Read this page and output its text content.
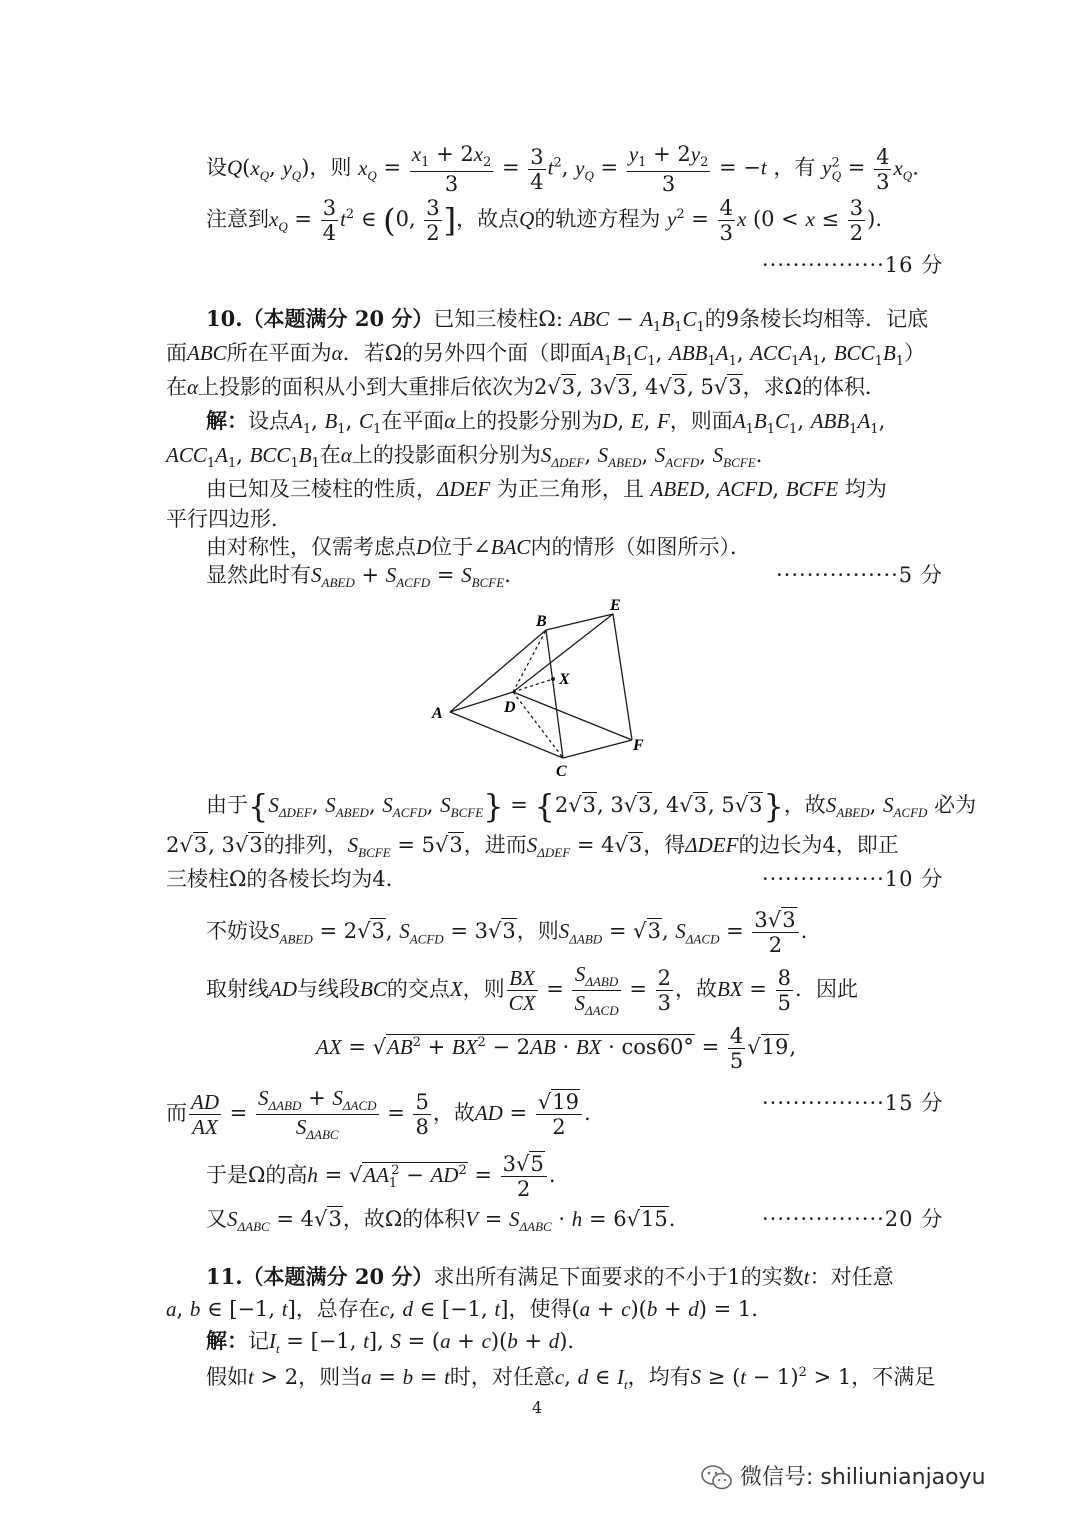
设$Q(x_Q$, $y_Q$)，则 $x_Q = \frac{x_1 + 2x_2}{3} = \frac{3}{4} t^2$, $y_Q = \frac{y_1 + 2y_2}{3} = -t$ ，有 $y^2_Q = \frac{4}{3} x_Q$.
注意到$x_Q = \frac{3}{4} t^2$ ∈ (0, $\frac{3}{2}$ ]，故点Q的轨迹方程为 $y^2 = \frac{4}{3}$ x ($0 < x \le \frac{3}{2}$ ).
················16 分
10.（本题满分 20 分）已知三棱柱Ω: ABC − $A_1B_1C_1$的9条棱长均相等．记底
面ABC所在平面为α．若Ω的另外四个面（即面$A_1B_1C_1$, $ABB_1A_1$, $ACC_1A_1$, $BCC_1B_1$）
在α上投影的面积从小到大重排后依次为2√3, 3√3, 4√3, 5√3，求Ω的体积．
解：设点$A_1$, $B_1$, $C_1$在平面α上的投影分别为D, E, F，则面$A_1B_1C_1$, $ABB_1A_1$,
$ACC_1A_1$, $BCC_1B_1$在α上的投影面积分别为$S_{\Delta DEF}$, $S_{ABED}$, $S_{ACFD}$, $S_{BCFE}$.
由已知及三棱柱的性质，ΔDEF 为正三角形，且 ABED, ACFD, BCFE 均为
平行四边形．
由对称性，仅需考虑点D位于∠BAC内的情形（如图所示）．
显然此时有$S_{ABED} + S_{ACFD} = S_{BCFE}$.	················5 分
A
B
C
D
E
F
X
由于{$S_{\Delta DEF}$, $S_{ABED}$, $S_{ACFD}$, $S_{BCFE}\} = \{2√3$, 3√3, 4√3, 5√3}，故$S_{ABED}$, $S_{ACFD}$ 必为
2√3, 3√3的排列，$S_{BCFE} = 5√3$，进而$S_{\Delta DEF} = 4√3$，得ΔDEF的边长为4，即正
三棱柱Ω的各棱长均为4．	················10 分
不妨设$S_{ABED} = 2√3$, $S_{ACFD} = 3√3$，则$S_{\Delta ABD} = √3$, $S_{\Delta ACD} = \frac{3√3}{2}$ .
取射线AD与线段BC的交点X，则 $\frac{BX}{CX} = \frac{S_{\Delta ABD}}{S_{\Delta ACD}} = \frac{2}{3}$ ，故BX = $\frac{8}{5}$ ．因此
AX = $√AB^2 + BX^2 - 2AB$ · BX · $\cos 60^\circ = \frac{4}{5} √19$,
而 $\frac{AD}{AX} = \frac{S_{\Delta ABD} + S_{\Delta ACD}}{S_{\Delta ABC}} = \frac{5}{8}$ ，故AD = $\frac{√19}{2}$ .	················15 分
于是Ω的高$h = √AA_1^2 - AD^2 = \frac{3√5}{2}$ .
又$S_{\Delta ABC} = 4√3$，故Ω的体积$V = S_{\Delta ABC} \cdot h = 6√15$.	················20 分
11.（本题满分 20 分）求出所有满足下面要求的不小于1的实数t：对任意
a, b ∈ [−1, t]，总存在c, d ∈ [−1, t]，使得(a + c)(b + d) = 1.
解：记$I_t = [-1$, t], S = (a + c)(b + d).
假如t > 2，则当a = b = t时，对任意c, d ∈ $I_t$，均有$S \ge (t - 1)^2 > 1$，不满足
4
微信号: shiliunianjaoyu
